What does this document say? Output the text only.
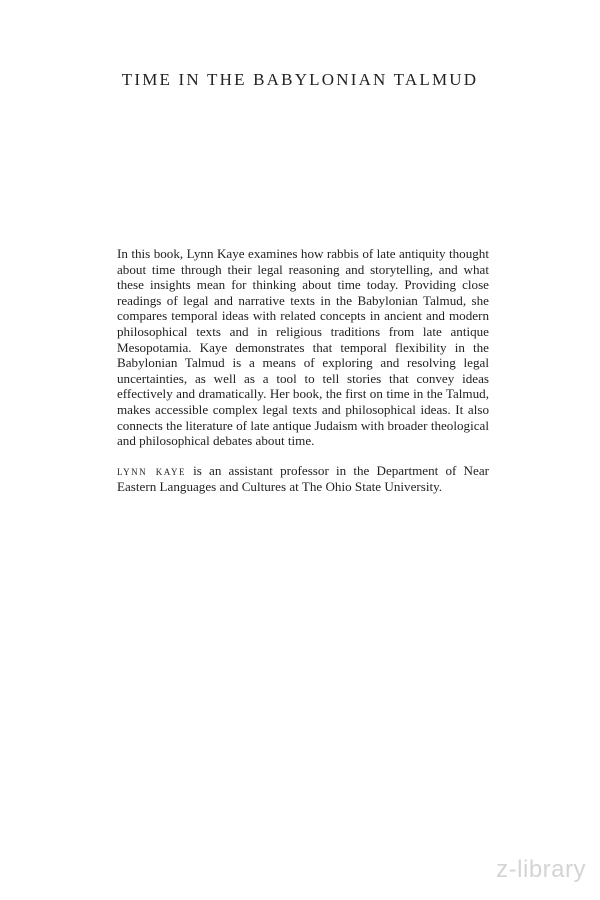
TIME IN THE BABYLONIAN TALMUD

In this book, Lynn Kaye examines how rabbis of late antiquity thought about time through their legal reasoning and storytelling, and what these insights mean for thinking about time today. Providing close readings of legal and narrative texts in the Babylonian Talmud, she compares temporal ideas with related concepts in ancient and modern philosophical texts and in religious traditions from late antique Mesopotamia. Kaye demonstrates that temporal flexibility in the Babylonian Talmud is a means of exploring and resolving legal uncertainties, as well as a tool to tell stories that convey ideas effectively and dramatically. Her book, the first on time in the Talmud, makes accessible complex legal texts and philosophical ideas. It also connects the literature of late antique Judaism with broader theological and philosophical debates about time.

lynn kaye is an assistant professor in the Department of Near Eastern Languages and Cultures at The Ohio State University.

z-library
